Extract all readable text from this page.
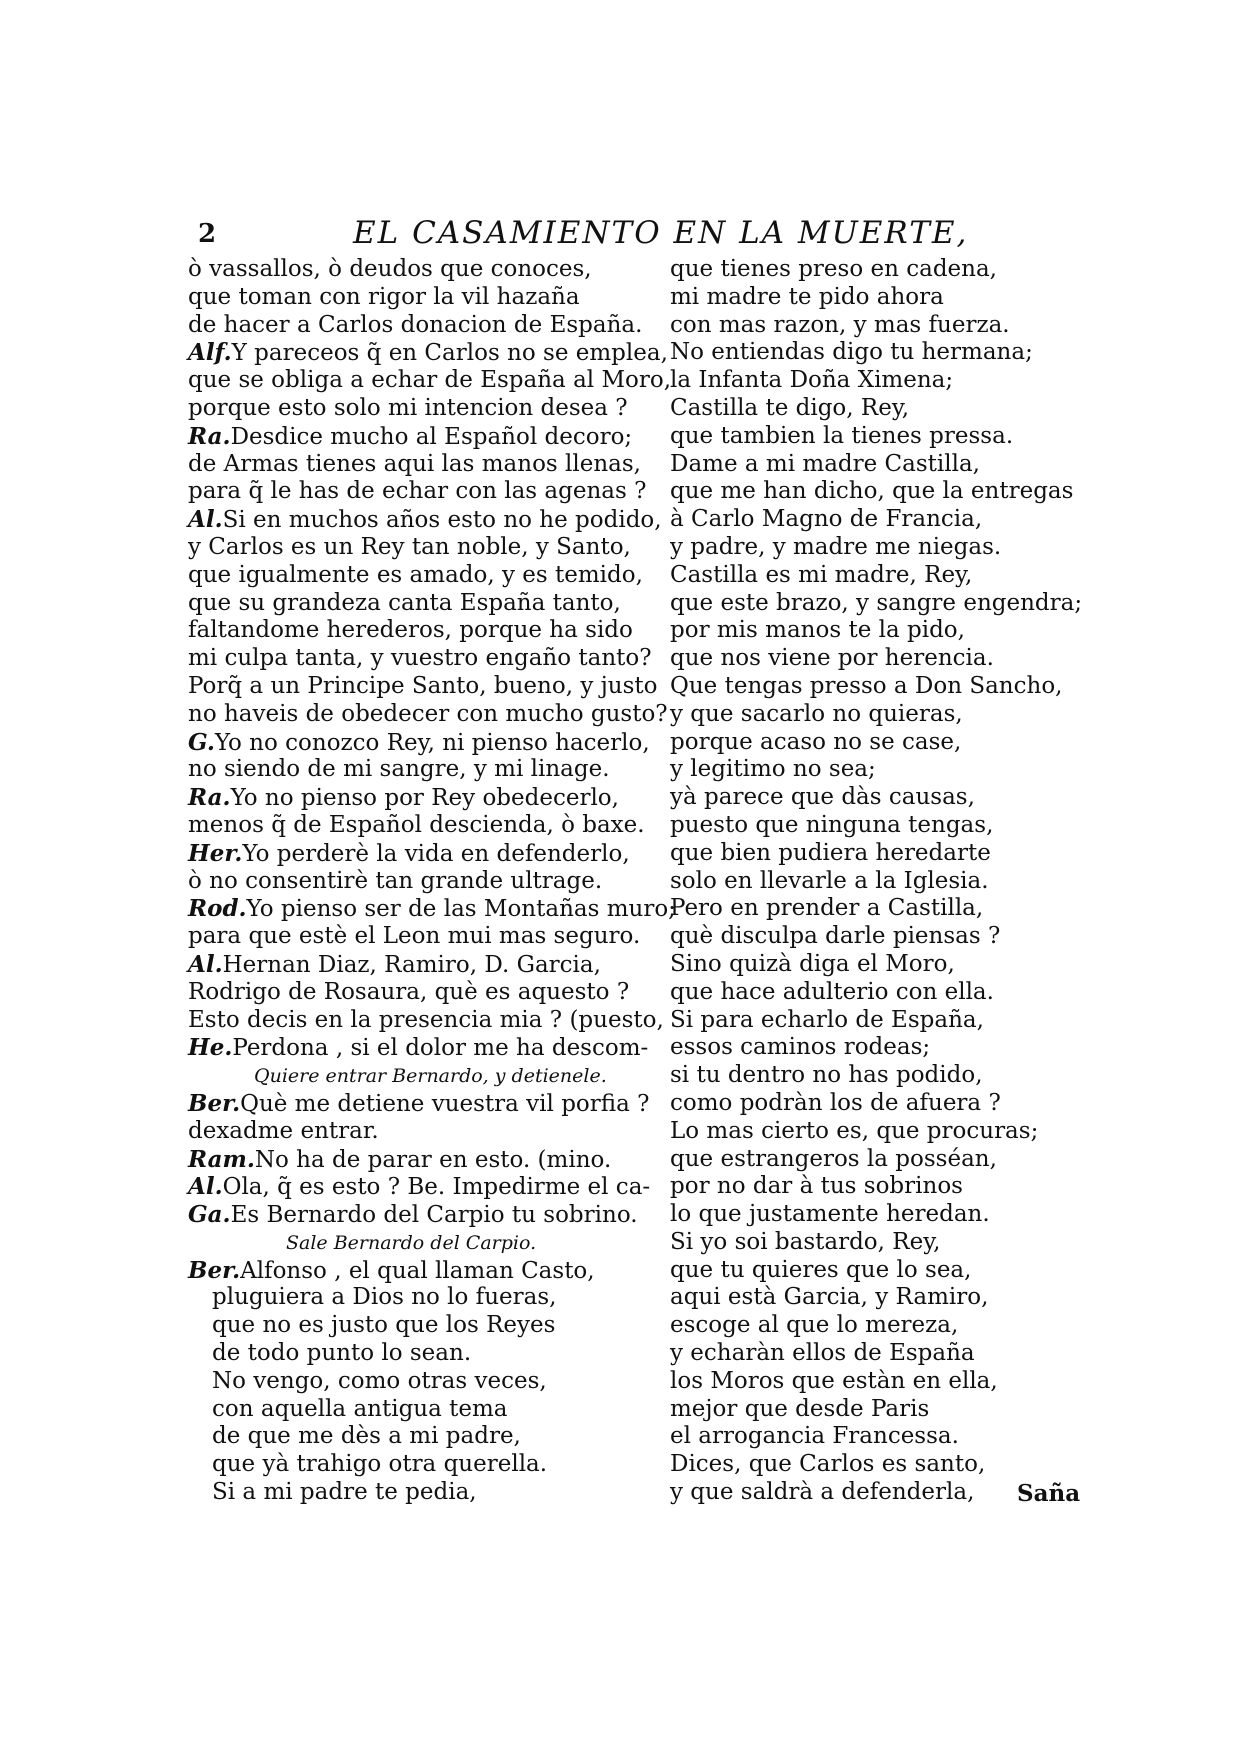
2	EL CASAMIENTO EN LA MUERTE,
ò vassallos, ò deudos que conoces,
que toman con rigor la vil hazaña
de hacer a Carlos donacion de España.
Alf.Y pareceos q̃ en Carlos no se emplea,
que se obliga a echar de España al Moro,
porque esto solo mi intencion desea ?
Ra.Desdice mucho al Español decoro;
de Armas tienes aqui las manos llenas,
para q̃ le has de echar con las agenas ?
Al.Si en muchos años esto no he podido,
y Carlos es un Rey tan noble, y Santo,
que igualmente es amado, y es temido,
que su grandeza canta España tanto,
faltandome herederos, porque ha sido
mi culpa tanta, y vuestro engaño tanto?
Porq̃ a un Principe Santo, bueno, y justo
no haveis de obedecer con mucho gusto?
G.Yo no conozco Rey, ni pienso hacerlo,
no siendo de mi sangre, y mi linage.
Ra.Yo no pienso por Rey obedecerlo,
menos q̃ de Español descienda, ò baxe.
Her.Yo perderè la vida en defenderlo,
ò no consentirè tan grande ultrage.
Rod.Yo pienso ser de las Montañas muro;
para que estè el Leon mui mas seguro.
Al.Hernan Diaz, Ramiro, D. Garcia,
Rodrigo de Rosaura, què es aquesto ?
Esto decis en la presencia mia ? (puesto,
He.Perdona , si el dolor me ha descom-
Quiere entrar Bernardo, y detienele.
Ber.Què me detiene vuestra vil porfia ?
dexadme entrar.
Ram.No ha de parar en esto. (mino.
Al.Ola, q̃ es esto ? Be. Impedirme el ca-
Ga.Es Bernardo del Carpio tu sobrino.
Sale Bernardo del Carpio.
Ber.Alfonso , el qual llaman Casto,
pluguiera a Dios no lo fueras,
que no es justo que los Reyes
de todo punto lo sean.
No vengo, como otras veces,
con aquella antigua tema
de que me dès a mi padre,
que yà trahigo otra querella.
Si a mi padre te pedia,
que tienes preso en cadena,
mi madre te pido ahora
con mas razon, y mas fuerza.
No entiendas digo tu hermana;
la Infanta Doña Ximena;
Castilla te digo, Rey,
que tambien la tienes pressa.
Dame a mi madre Castilla,
que me han dicho, que la entregas
à Carlo Magno de Francia,
y padre, y madre me niegas.
Castilla es mi madre, Rey,
que este brazo, y sangre engendra;
por mis manos te la pido,
que nos viene por herencia.
Que tengas presso a Don Sancho,
y que sacarlo no quieras,
porque acaso no se case,
y legitimo no sea;
yà parece que dàs causas,
puesto que ninguna tengas,
que bien pudiera heredarte
solo en llevarle a la Iglesia.
Pero en prender a Castilla,
què disculpa darle piensas ?
Sino quizà diga el Moro,
que hace adulterio con ella.
Si para echarlo de España,
essos caminos rodeas;
si tu dentro no has podido,
como podràn los de afuera ?
Lo mas cierto es, que procuras;
que estrangeros la posséan,
por no dar à tus sobrinos
lo que justamente heredan.
Si yo soi bastardo, Rey,
que tu quieres que lo sea,
aqui està Garcia, y Ramiro,
escoge al que lo mereza,
y echaràn ellos de España
los Moros que estàn en ella,
mejor que desde Paris
el arrogancia Francessa.
Dices, que Carlos es santo,
y que saldrà a defenderla,	Saña
